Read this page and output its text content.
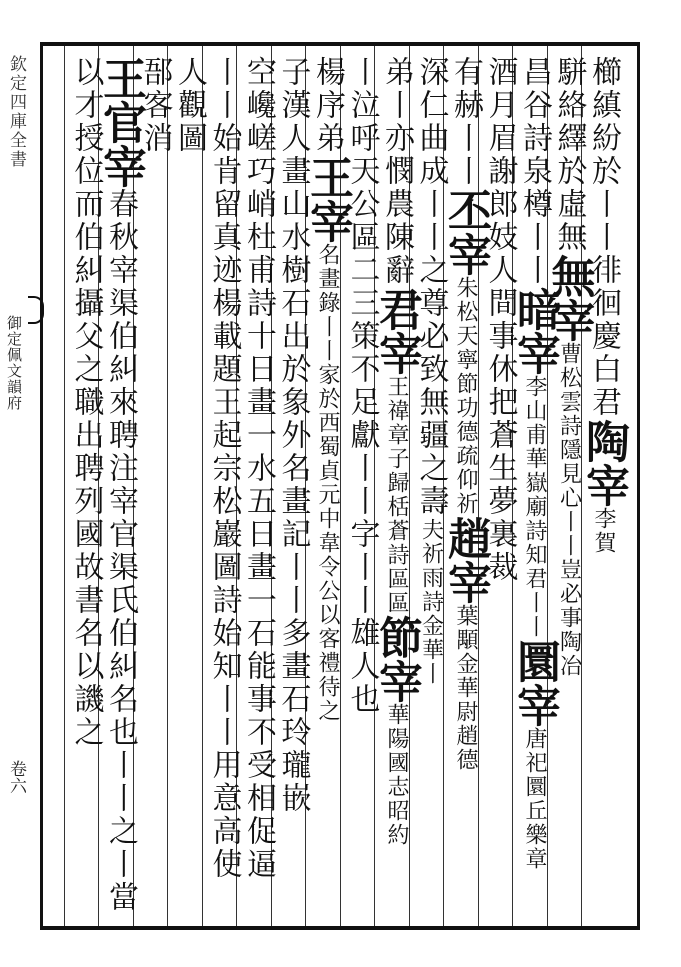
欽定四庫全書
御定佩文韻府
卷六
櫛縝紛於丨丨徘徊慶白君陶宰李賀
駢絡繹於虛無無宰曹松雲詩隱見心丨丨豈必事陶冶
昌谷詩泉樽丨丨暗宰李山甫華嶽廟詩知君丨丨圜宰唐祀圜丘樂章
酒月眉謝郎妓人間事休把蒼生夢裏裁
有赫丨丨丕宰朱松天寧節功德疏仰祈趙宰葉顒金華尉趙德
深仁曲成丨丨之尊必致無疆之壽夫祈雨詩金華丨
弟丨亦憫農陳辭君宰王禕章子歸栝蒼詩區區節宰華陽國志昭約
丨泣呼天公區二三策不足獻丨丨字丨丨雄人也
楊序弟王宰名畫錄丨丨家於西蜀貞元中韋令公以客禮待之
子漢人畫山水樹石出於象外名畫記丨丨多畫石玲瓏嵌
空巉嵯巧峭杜甫詩十日畫一水五日畫一石能事不受相促逼
丨丨始肯留真迹楊載題王起宗松巖圖詩始知丨丨用意高使
人觀圖
郚客消
王官宰春秋宰渠伯糾來聘注宰官渠氏伯糾名也丨丨之丨當
以才授位而伯糾攝父之職出聘列國故書名以譏之
